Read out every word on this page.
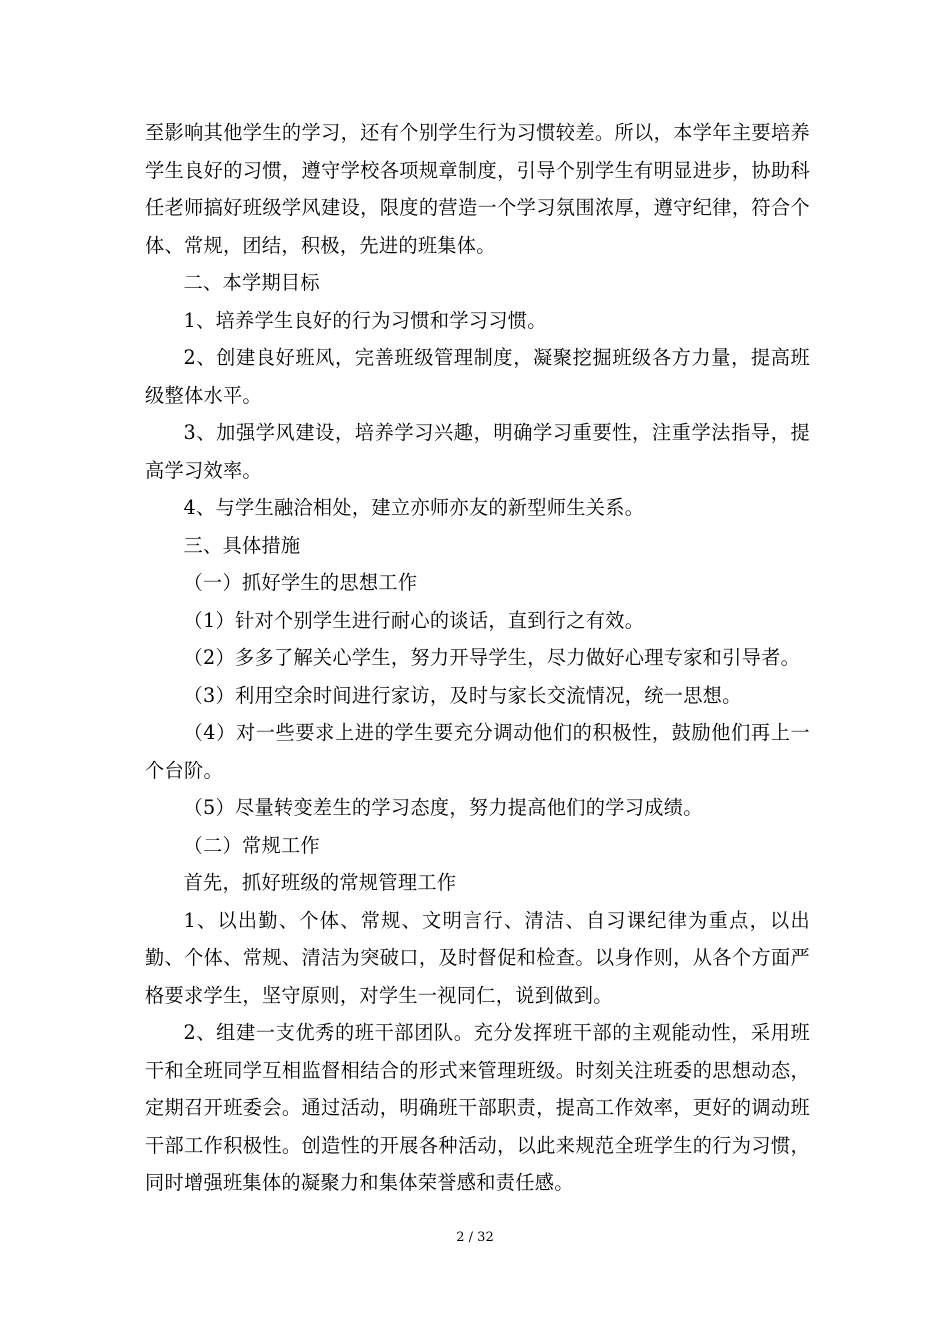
至影响其他学生的学习，还有个别学生行为习惯较差。所以，本学年主要培养学生良好的习惯，遵守学校各项规章制度，引导个别学生有明显进步，协助科任老师搞好班级学风建设，限度的营造一个学习氛围浓厚，遵守纪律，符合个体、常规，团结，积极，先进的班集体。

二、本学期目标

1、培养学生良好的行为习惯和学习习惯。

2、创建良好班风，完善班级管理制度，凝聚挖掘班级各方力量，提高班级整体水平。

3、加强学风建设，培养学习兴趣，明确学习重要性，注重学法指导，提高学习效率。

4、与学生融洽相处，建立亦师亦友的新型师生关系。

三、具体措施

（一）抓好学生的思想工作

（1）针对个别学生进行耐心的谈话，直到行之有效。

（2）多多了解关心学生，努力开导学生，尽力做好心理专家和引导者。

（3）利用空余时间进行家访，及时与家长交流情况，统一思想。

（4）对一些要求上进的学生要充分调动他们的积极性，鼓励他们再上一个台阶。

（5）尽量转变差生的学习态度，努力提高他们的学习成绩。

（二）常规工作

首先，抓好班级的常规管理工作

1、以出勤、个体、常规、文明言行、清洁、自习课纪律为重点，以出勤、个体、常规、清洁为突破口，及时督促和检查。以身作则，从各个方面严格要求学生，坚守原则，对学生一视同仁，说到做到。

2、组建一支优秀的班干部团队。充分发挥班干部的主观能动性，采用班干和全班同学互相监督相结合的形式来管理班级。时刻关注班委的思想动态，定期召开班委会。通过活动，明确班干部职责，提高工作效率，更好的调动班干部工作积极性。创造性的开展各种活动，以此来规范全班学生的行为习惯，同时增强班集体的凝聚力和集体荣誉感和责任感。

2 / 32
